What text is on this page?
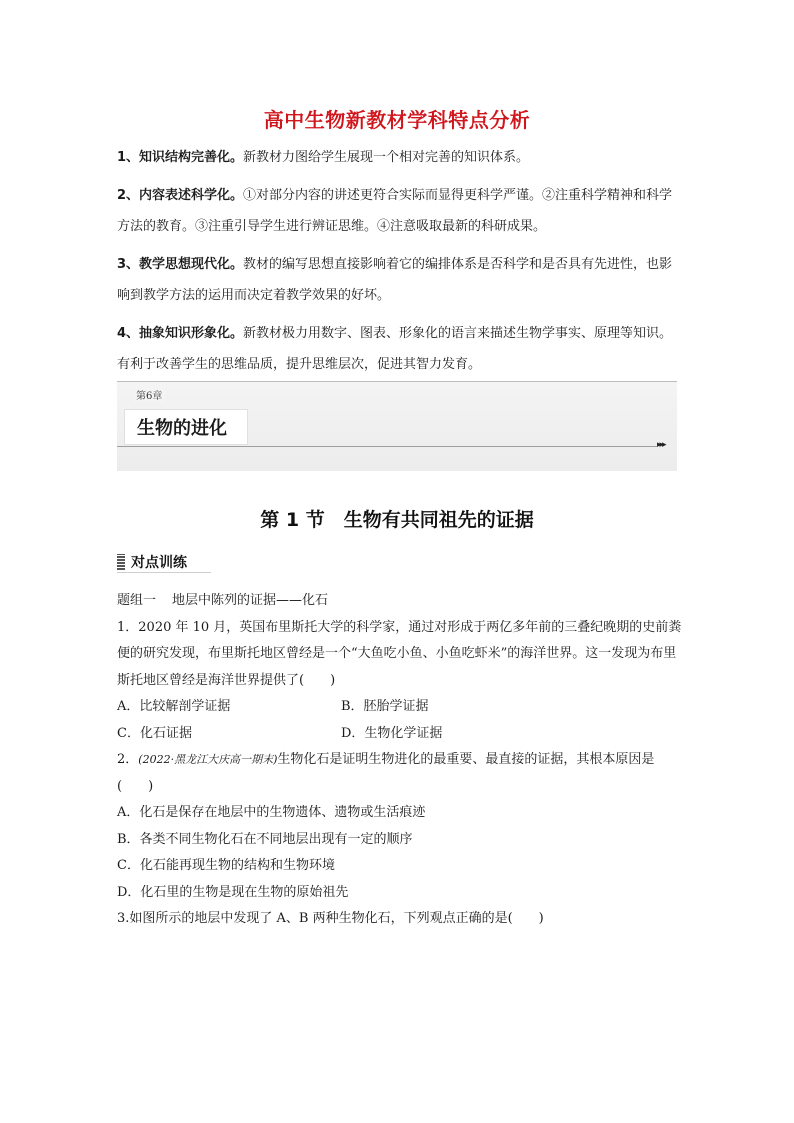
高中生物新教材学科特点分析

1、知识结构完善化。新教材力图给学生展现一个相对完善的知识体系。

2、内容表述科学化。①对部分内容的讲述更符合实际而显得更科学严谨。②注重科学精神和科学方法的教育。③注重引导学生进行辨证思维。④注意吸取最新的科研成果。

3、教学思想现代化。教材的编写思想直接影响着它的编排体系是否科学和是否具有先进性，也影响到教学方法的运用而决定着教学效果的好坏。

4、抽象知识形象化。新教材极力用数字、图表、形象化的语言来描述生物学事实、原理等知识。有利于改善学生的思维品质，提升思维层次，促进其智力发育。

第6章
生物的进化
▸▸▸
第 1 节　生物有共同祖先的证据
对点训练

题组一 地层中陈列的证据——化石

1．2020 年 10 月，英国布里斯托大学的科学家，通过对形成于两亿多年前的三叠纪晚期的史前粪便的研究发现，布里斯托地区曾经是一个“大鱼吃小鱼、小鱼吃虾米”的海洋世界。这一发现为布里斯托地区曾经是海洋世界提供了(　　)

A．比较解剖学证据	B．胚胎学证据

C．化石证据	D．生物化学证据

2．(2022·黑龙江大庆高一期末)生物化石是证明生物进化的最重要、最直接的证据，其根本原因是(　　)

A．化石是保存在地层中的生物遗体、遗物或生活痕迹

B．各类不同生物化石在不同地层出现有一定的顺序

C．化石能再现生物的结构和生物环境

D．化石里的生物是现在生物的原始祖先

3.如图所示的地层中发现了 A、B 两种生物化石，下列观点正确的是(　　)
